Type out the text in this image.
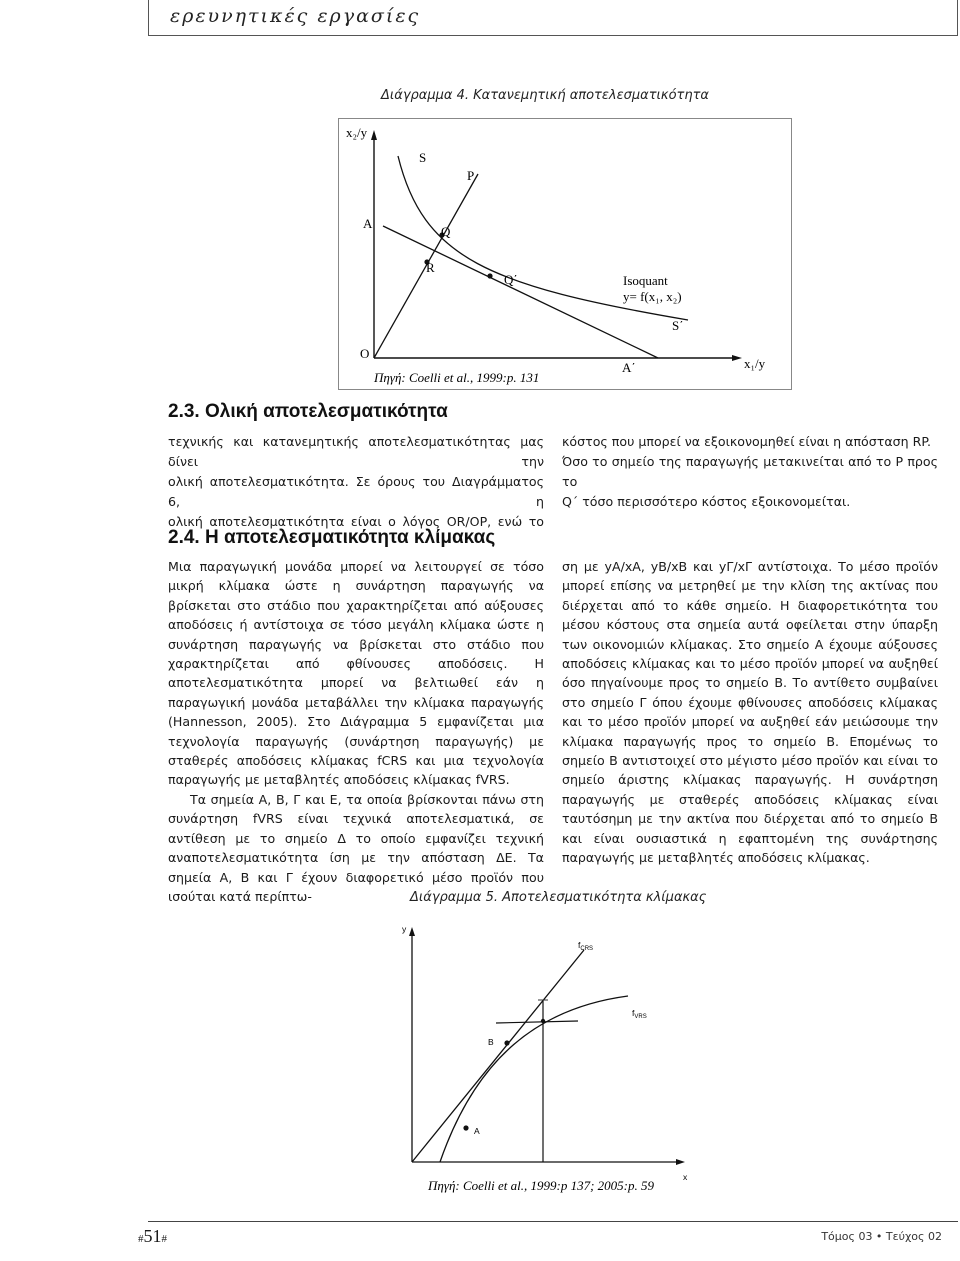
ερευνητικές εργασίες
Διάγραμμα 4. Κατανεμητική αποτελεσματικότητα
x₂/y
S
P
A
Q
R
Q΄	Isoquant
y= f(x₁, x₂)
S΄
O
A΄	x₁/y
Πηγή: Coelli et al., 1999:p. 131
2.3. Ολική αποτελεσματικότητα

τεχνικής και κατανεμητικής αποτελεσματικότητας μας δίνει την

ολική αποτελεσματικότητα. Σε όρους του Διαγράμματος 6, η

ολική αποτελεσματικότητα είναι ο λόγος OR/OP, ενώ το

κόστος που μπορεί να εξοικονομηθεί είναι η απόσταση RP.

Όσο το σημείο της παραγωγής μετακινείται από το P προς το

Q΄ τόσο περισσότερο κόστος εξοικονομείται.

2.4. Η αποτελεσματικότητα κλίμακας

Μια παραγωγική μονάδα μπορεί να λειτουργεί σε τόσο μικρή κλίμακα ώστε η συνάρτηση παραγωγής να βρίσκεται στο στάδιο που χαρακτηρίζεται από αύξουσες αποδόσεις ή αντίστοιχα σε τόσο μεγάλη κλίμακα ώστε η συνάρτηση παραγωγής να βρίσκεται στο στάδιο που χαρακτηρίζεται από φθίνουσες αποδόσεις. Η αποτελεσματικότητα μπορεί να βελτιωθεί εάν η παραγωγική μονάδα μεταβάλλει την κλίμακα παραγωγής (Hannesson, 2005). Στο Διάγραμμα 5 εμφανίζεται μια τεχνολογία παραγωγής (συνάρτηση παραγωγής) με σταθερές αποδόσεις κλίμακας fCRS και μια τεχνολογία παραγωγής με μεταβλητές αποδόσεις κλίμακας fVRS.

Τα σημεία A, B, Γ και E, τα οποία βρίσκονται πάνω στη συνάρτηση fVRS είναι τεχνικά αποτελεσματικά, σε αντίθεση με το σημείο Δ το οποίο εμφανίζει τεχνική αναποτελεσματικότητα ίση με την απόσταση ΔE. Τα σημεία A, B και Γ έχουν διαφορετικό μέσο προϊόν που ισούται κατά περίπτω-

ση με yA/xA, yB/xB και yΓ/xΓ αντίστοιχα. Το μέσο προϊόν μπορεί επίσης να μετρηθεί με την κλίση της ακτίνας που διέρχεται από το κάθε σημείο. Η διαφορετικότητα του μέσου κόστους στα σημεία αυτά οφείλεται στην ύπαρξη των οικονομιών κλίμακας. Στο σημείο A έχουμε αύξουσες αποδόσεις κλίμακας και το μέσο προϊόν μπορεί να αυξηθεί όσο πηγαίνουμε προς το σημείο B. Το αντίθετο συμβαίνει στο σημείο Γ όπου έχουμε φθίνουσες αποδόσεις κλίμακας και το μέσο προϊόν μπορεί να αυξηθεί εάν μειώσουμε την κλίμακα παραγωγής προς το σημείο B. Επομένως το σημείο B αντιστοιχεί στο μέγιστο μέσο προϊόν και είναι το σημείο άριστης κλίμακας παραγωγής. Η συνάρτηση παραγωγής με σταθερές αποδόσεις κλίμακας είναι ταυτόσημη με την ακτίνα που διέρχεται από το σημείο B και είναι ουσιαστικά η εφαπτομένη της συνάρτησης παραγωγής με μεταβλητές αποδόσεις κλίμακας.

Διάγραμμα 5. Αποτελεσματικότητα κλίμακας
y
$f_{CRS}$
$f_{VRS}$
B
A
x
Πηγή: Coelli et al., 1999:p 137; 2005:p. 59
#51#	Τόμος 03 • Τεύχος 02
